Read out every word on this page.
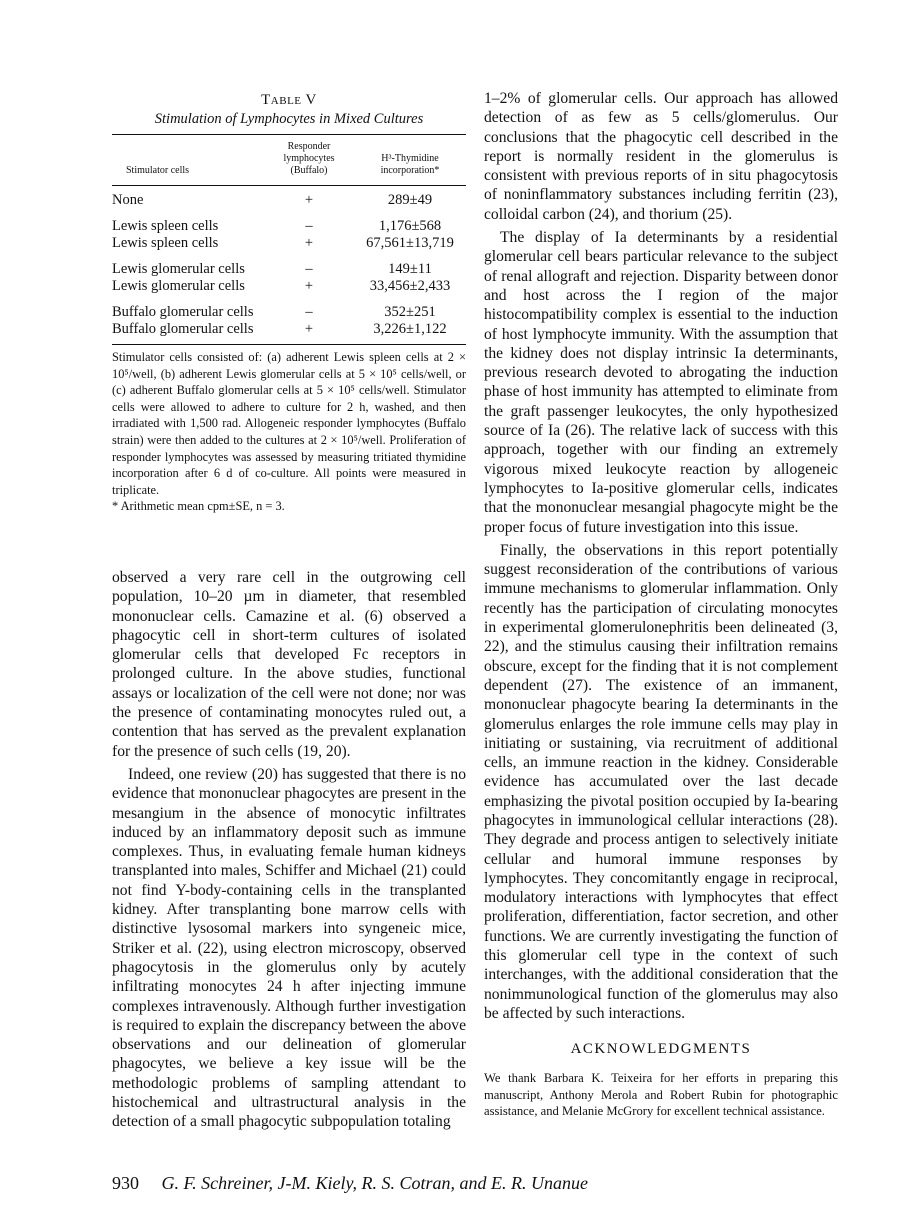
Table V
Stimulation of Lymphocytes in Mixed Cultures
Stimulator cells	Responder lymphocytes (Buffalo)	H³-Thymidine incorporation*

None	+	289±49
Lewis spleen cells	–	1,176±568
Lewis spleen cells	+	67,561±13,719
Lewis glomerular cells	–	149±11
Lewis glomerular cells	+	33,456±2,433
Buffalo glomerular cells	–	352±251
Buffalo glomerular cells	+	3,226±1,122

Stimulator cells consisted of: (a) adherent Lewis spleen cells at 2 × 10⁵/well, (b) adherent Lewis glomerular cells at 5 × 10⁵ cells/well, or (c) adherent Buffalo glomerular cells at 5 × 10⁵ cells/well. Stimulator cells were allowed to adhere to culture for 2 h, washed, and then irradiated with 1,500 rad. Allogeneic responder lymphocytes (Buffalo strain) were then added to the cultures at 2 × 10⁵/well. Proliferation of responder lymphocytes was assessed by measuring tritiated thymidine incorporation after 6 d of co-culture. All points were measured in triplicate.

* Arithmetic mean cpm±SE, n = 3.

observed a very rare cell in the outgrowing cell population, 10–20 µm in diameter, that resembled mononuclear cells. Camazine et al. (6) observed a phagocytic cell in short-term cultures of isolated glomerular cells that developed Fc receptors in prolonged culture. In the above studies, functional assays or localization of the cell were not done; nor was the presence of contaminating monocytes ruled out, a contention that has served as the prevalent explanation for the presence of such cells (19, 20).

Indeed, one review (20) has suggested that there is no evidence that mononuclear phagocytes are present in the mesangium in the absence of monocytic infiltrates induced by an inflammatory deposit such as immune complexes. Thus, in evaluating female human kidneys transplanted into males, Schiffer and Michael (21) could not find Y-body-containing cells in the transplanted kidney. After transplanting bone marrow cells with distinctive lysosomal markers into syngeneic mice, Striker et al. (22), using electron microscopy, observed phagocytosis in the glomerulus only by acutely infiltrating monocytes 24 h after injecting immune complexes intravenously. Although further investigation is required to explain the discrepancy between the above observations and our delineation of glomerular phagocytes, we believe a key issue will be the methodologic problems of sampling attendant to histochemical and ultrastructural analysis in the detection of a small phagocytic subpopulation totaling

1–2% of glomerular cells. Our approach has allowed detection of as few as 5 cells/glomerulus. Our conclusions that the phagocytic cell described in the report is normally resident in the glomerulus is consistent with previous reports of in situ phagocytosis of noninflammatory substances including ferritin (23), colloidal carbon (24), and thorium (25).

The display of Ia determinants by a residential glomerular cell bears particular relevance to the subject of renal allograft and rejection. Disparity between donor and host across the I region of the major histocompatibility complex is essential to the induction of host lymphocyte immunity. With the assumption that the kidney does not display intrinsic Ia determinants, previous research devoted to abrogating the induction phase of host immunity has attempted to eliminate from the graft passenger leukocytes, the only hypothesized source of Ia (26). The relative lack of success with this approach, together with our finding an extremely vigorous mixed leukocyte reaction by allogeneic lymphocytes to Ia-positive glomerular cells, indicates that the mononuclear mesangial phagocyte might be the proper focus of future investigation into this issue.

Finally, the observations in this report potentially suggest reconsideration of the contributions of various immune mechanisms to glomerular inflammation. Only recently has the participation of circulating monocytes in experimental glomerulonephritis been delineated (3, 22), and the stimulus causing their infiltration remains obscure, except for the finding that it is not complement dependent (27). The existence of an immanent, mononuclear phagocyte bearing Ia determinants in the glomerulus enlarges the role immune cells may play in initiating or sustaining, via recruitment of additional cells, an immune reaction in the kidney. Considerable evidence has accumulated over the last decade emphasizing the pivotal position occupied by Ia-bearing phagocytes in immunological cellular interactions (28). They degrade and process antigen to selectively initiate cellular and humoral immune responses by lymphocytes. They concomitantly engage in reciprocal, modulatory interactions with lymphocytes that effect proliferation, differentiation, factor secretion, and other functions. We are currently investigating the function of this glomerular cell type in the context of such interchanges, with the additional consideration that the nonimmunological function of the glomerulus may also be affected by such interactions.

ACKNOWLEDGMENTS

We thank Barbara K. Teixeira for her efforts in preparing this manuscript, Anthony Merola and Robert Rubin for photographic assistance, and Melanie McGrory for excellent technical assistance.

930 G. F. Schreiner, J-M. Kiely, R. S. Cotran, and E. R. Unanue
